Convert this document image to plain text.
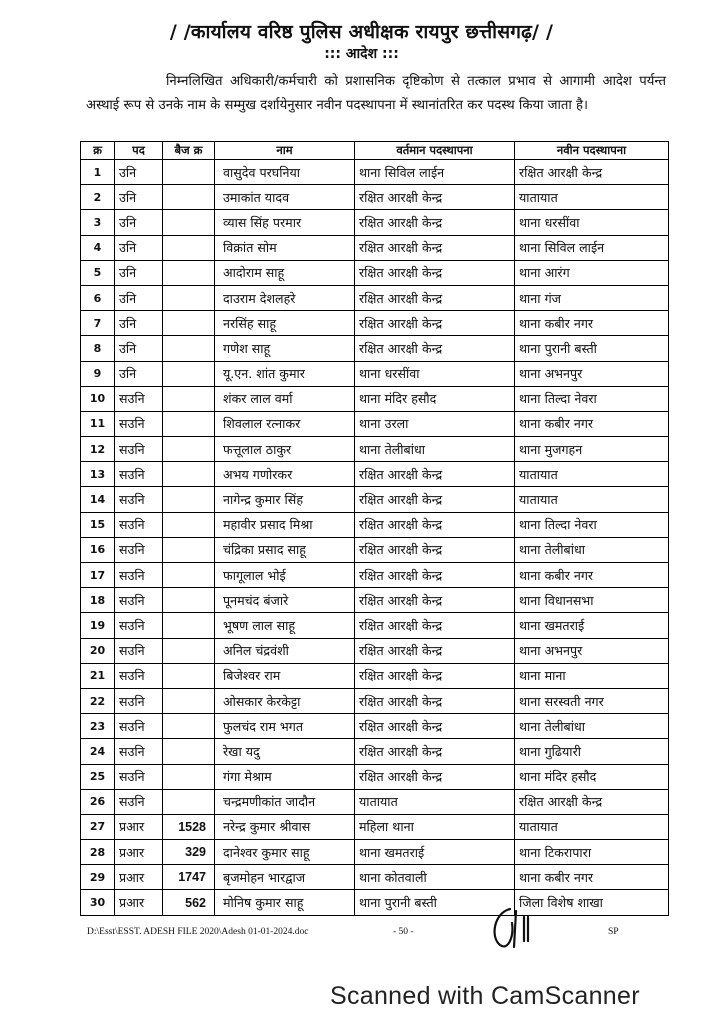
/ /कार्यालय वरिष्ठ पुलिस अधीक्षक रायपुर छत्तीसगढ़/ /
::: आदेश :::
निम्नलिखित अधिकारी/कर्मचारी को प्रशासनिक दृष्टिकोण से तत्काल प्रभाव से आगामी आदेश पर्यन्त अस्थाई रूप से उनके नाम के सम्मुख दर्शायेनुसार नवीन पदस्थापना में स्थानांतरित कर पदस्थ किया जाता है।
क्र	पद	बैज क्र	नाम	वर्तमान पदस्थापना	नवीन पदस्थापना
1	उनि		वासुदेव परघनिया	थाना सिविल लाईन	रक्षित आरक्षी केन्द्र
2	उनि		उमाकांत यादव	रक्षित आरक्षी केन्द्र	यातायात
3	उनि		व्यास सिंह परमार	रक्षित आरक्षी केन्द्र	थाना धरसींवा
4	उनि		विक्रांत सोम	रक्षित आरक्षी केन्द्र	थाना सिविल लाईन
5	उनि		आदोराम साहू	रक्षित आरक्षी केन्द्र	थाना आरंग
6	उनि		दाउराम देशलहरे	रक्षित आरक्षी केन्द्र	थाना गंज
7	उनि		नरसिंह साहू	रक्षित आरक्षी केन्द्र	थाना कबीर नगर
8	उनि		गणेश साहू	रक्षित आरक्षी केन्द्र	थाना पुरानी बस्ती
9	उनि		यू.एन. शांत कुमार	थाना धरसींवा	थाना अभनपुर
10	सउनि		शंकर लाल वर्मा	थाना मंदिर हसौद	थाना तिल्दा नेवरा
11	सउनि		शिवलाल रत्नाकर	थाना उरला	थाना कबीर नगर
12	सउनि		फत्तूलाल ठाकुर	थाना तेलीबांधा	थाना मुजगहन
13	सउनि		अभय गणोरकर	रक्षित आरक्षी केन्द्र	यातायात
14	सउनि		नागेन्द्र कुमार सिंह	रक्षित आरक्षी केन्द्र	यातायात
15	सउनि		महावीर प्रसाद मिश्रा	रक्षित आरक्षी केन्द्र	थाना तिल्दा नेवरा
16	सउनि		चंद्रिका प्रसाद साहू	रक्षित आरक्षी केन्द्र	थाना तेलीबांधा
17	सउनि		फागूलाल भोई	रक्षित आरक्षी केन्द्र	थाना कबीर नगर
18	सउनि		पूनमचंद बंजारे	रक्षित आरक्षी केन्द्र	थाना विधानसभा
19	सउनि		भूषण लाल साहू	रक्षित आरक्षी केन्द्र	थाना खमतराई
20	सउनि		अनिल चंद्रवंशी	रक्षित आरक्षी केन्द्र	थाना अभनपुर
21	सउनि		बिजेश्वर राम	रक्षित आरक्षी केन्द्र	थाना माना
22	सउनि		ओसकार केरकेट्टा	रक्षित आरक्षी केन्द्र	थाना सरस्वती नगर
23	सउनि		फुलचंद राम भगत	रक्षित आरक्षी केन्द्र	थाना तेलीबांधा
24	सउनि		रेखा यदु	रक्षित आरक्षी केन्द्र	थाना गुढियारी
25	सउनि		गंगा मेश्राम	रक्षित आरक्षी केन्द्र	थाना मंदिर हसौद
26	सउनि		चन्द्रमणीकांत जादौन	यातायात	रक्षित आरक्षी केन्द्र
27	प्रआर	1528	नरेन्द्र कुमार श्रीवास	महिला थाना	यातायात
28	प्रआर	329	दानेश्वर कुमार साहू	थाना खमतराई	थाना टिकरापारा
29	प्रआर	1747	बृजमोहन भारद्वाज	थाना कोतवाली	थाना कबीर नगर
30	प्रआर	562	मोनिष कुमार साहू	थाना पुरानी बस्ती	जिला विशेष शाखा
D:\Esst\ESST. ADESH FILE 2020\Adesh 01-01-2024.doc	- 50 -	SP
Scanned with CamScanner
